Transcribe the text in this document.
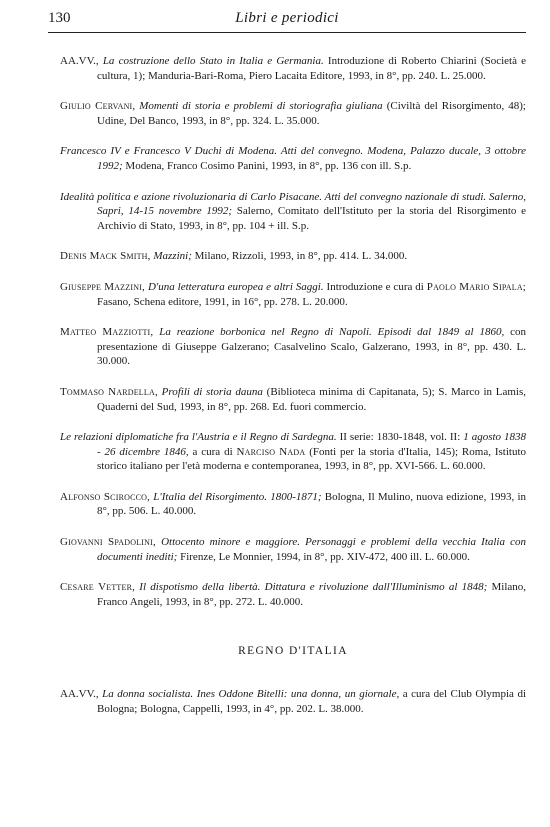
130	Libri e periodici

AA.VV., La costruzione dello Stato in Italia e Germania. Introduzione di Roberto Chiarini (Società e cultura, 1); Manduria-Bari-Roma, Piero Lacaita Editore, 1993, in 8°, pp. 240. L. 25.000.

Giulio Cervani, Momenti di storia e problemi di storiografia giuliana (Civiltà del Risorgimento, 48); Udine, Del Banco, 1993, in 8°, pp. 324. L. 35.000.

Francesco IV e Francesco V Duchi di Modena. Atti del convegno. Modena, Palazzo ducale, 3 ottobre 1992; Modena, Franco Cosimo Panini, 1993, in 8°, pp. 136 con ill. S.p.

Idealità politica e azione rivoluzionaria di Carlo Pisacane. Atti del convegno nazionale di studi. Salerno, Sapri, 14-15 novembre 1992; Salerno, Comitato dell'Istituto per la storia del Risorgimento e Archivio di Stato, 1993, in 8°, pp. 104 + ill. S.p.

Denis Mack Smith, Mazzini; Milano, Rizzoli, 1993, in 8°, pp. 414. L. 34.000.

Giuseppe Mazzini, D'una letteratura europea e altri Saggi. Introduzione e cura di Paolo Mario Sipala; Fasano, Schena editore, 1991, in 16°, pp. 278. L. 20.000.

Matteo Mazziotti, La reazione borbonica nel Regno di Napoli. Episodi dal 1849 al 1860, con presentazione di Giuseppe Galzerano; Casalvelino Scalo, Galzerano, 1993, in 8°, pp. 430. L. 30.000.

Tommaso Nardella, Profili di storia dauna (Biblioteca minima di Capitanata, 5); S. Marco in Lamis, Quaderni del Sud, 1993, in 8°, pp. 268. Ed. fuori commercio.

Le relazioni diplomatiche fra l'Austria e il Regno di Sardegna. II serie: 1830-1848, vol. II: 1 agosto 1838 - 26 dicembre 1846, a cura di Narciso Nada (Fonti per la storia d'Italia, 145); Roma, Istituto storico italiano per l'età moderna e contemporanea, 1993, in 8°, pp. XVI-566. L. 60.000.

Alfonso Scirocco, L'Italia del Risorgimento. 1800-1871; Bologna, Il Mulino, nuova edizione, 1993, in 8°, pp. 506. L. 40.000.

Giovanni Spadolini, Ottocento minore e maggiore. Personaggi e problemi della vecchia Italia con documenti inediti; Firenze, Le Monnier, 1994, in 8°, pp. XIV-472, 400 ill. L. 60.000.

Cesare Vetter, Il dispotismo della libertà. Dittatura e rivoluzione dall'Illuminismo al 1848; Milano, Franco Angeli, 1993, in 8°, pp. 272. L. 40.000.

REGNO D'ITALIA

AA.VV., La donna socialista. Ines Oddone Bitelli: una donna, un giornale, a cura del Club Olympia di Bologna; Bologna, Cappelli, 1993, in 4°, pp. 202. L. 38.000.
